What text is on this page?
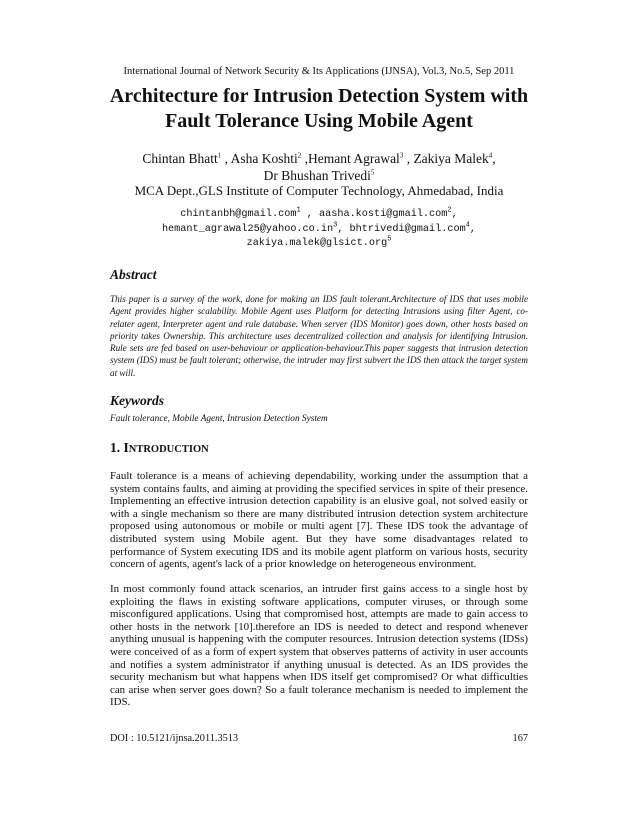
International Journal of Network Security & Its Applications (IJNSA), Vol.3, No.5, Sep 2011
Architecture for Intrusion Detection System with Fault Tolerance Using Mobile Agent
Chintan Bhatt$^1$ , Asha Koshti$^2$ ,Hemant Agrawal$^3$ , Zakiya Malek$^4$,
Dr Bhushan Trivedi$^5$
MCA Dept.,GLS Institute of Computer Technology, Ahmedabad, India
chintanbh@gmail.com$^1$ , aasha.kosti@gmail.com$^2$,
$hemant\_agrawal25@yahoo.co.in^3$, bhtrivedi@gmail.com$^4$,
zakiya.malek@glsict.org$^5$
Abstract
This paper is a survey of the work, done for making an IDS fault tolerant.Architecture of IDS that uses mobile Agent provides higher scalability. Mobile Agent uses Platform for detecting Intrusions using filter Agent, co-relater agent, Interpreter agent and rule database. When server (IDS Monitor) goes down, other hosts based on priority takes Ownership. This architecture uses decentralized collection and analysis for identifying Intrusion. Rule sets are fed based on user-behaviour or application-behaviour.This paper suggests that intrusion detection system (IDS) must be fault tolerant; otherwise, the intruder may first subvert the IDS then attack the target system at will.
Keywords
Fault tolerance, Mobile Agent, Intrusion Detection System
1. INTRODUCTION
Fault tolerance is a means of achieving dependability, working under the assumption that a system contains faults, and aiming at providing the specified services in spite of their presence. Implementing an effective intrusion detection capability is an elusive goal, not solved easily or with a single mechanism so there are many distributed intrusion detection system architecture proposed using autonomous or mobile or multi agent [7]. These IDS took the advantage of distributed system using Mobile agent. But they have some disadvantages related to performance of System executing IDS and its mobile agent platform on various hosts, security concern of agents, agent's lack of a prior knowledge on heterogeneous environment.
In most commonly found attack scenarios, an intruder first gains access to a single host by exploiting the flaws in existing software applications, computer viruses, or through some misconfigured applications. Using that compromised host, attempts are made to gain access to other hosts in the network [10].therefore an IDS is needed to detect and respond whenever anything unusual is happening with the computer resources. Intrusion detection systems (IDSs) were conceived of as a form of expert system that observes patterns of activity in user accounts and notifies a system administrator if anything unusual is detected. As an IDS provides the security mechanism but what happens when IDS itself get compromised? Or what difficulties can arise when server goes down? So a fault tolerance mechanism is needed to implement the IDS.
DOI : 10.5121/ijnsa.2011.3513	167
